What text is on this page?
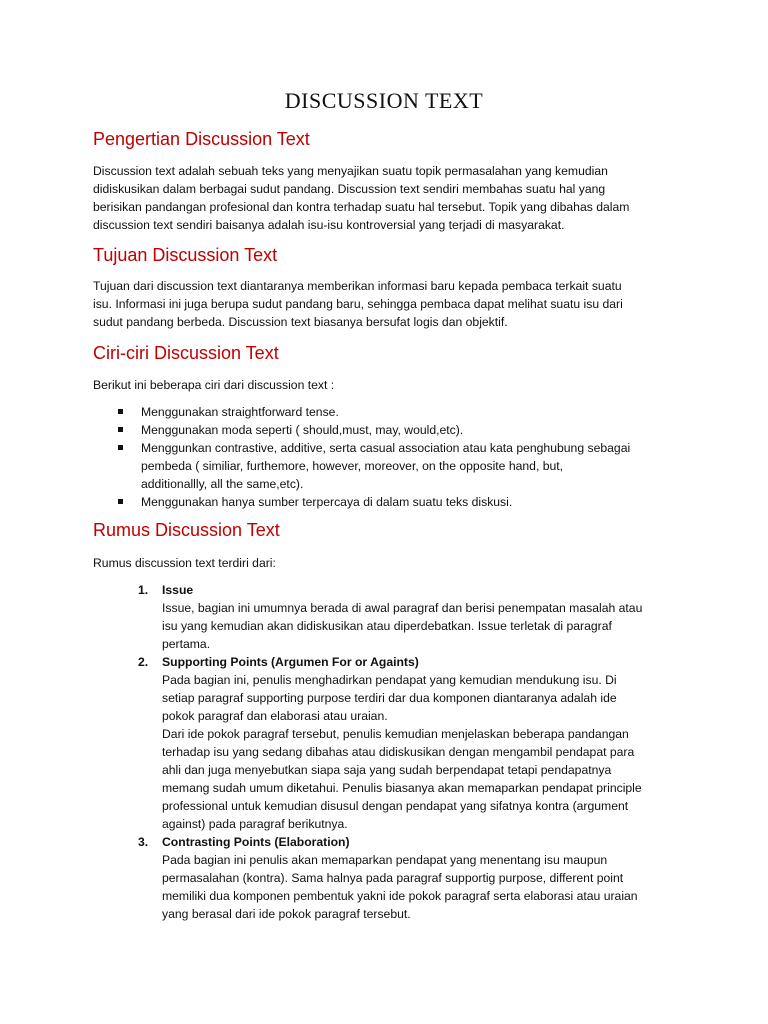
DISCUSSION TEXT
Pengertian Discussion Text
Discussion text adalah sebuah teks yang menyajikan suatu topik permasalahan yang kemudian
didiskusikan dalam berbagai sudut pandang. Discussion text sendiri membahas suatu hal yang
berisikan pandangan profesional dan kontra terhadap suatu hal tersebut. Topik yang dibahas dalam
discussion text sendiri baisanya adalah isu-isu kontroversial yang terjadi di masyarakat.
Tujuan Discussion Text
Tujuan dari discussion text diantaranya memberikan informasi baru kepada pembaca terkait suatu
isu. Informasi ini juga berupa sudut pandang baru, sehingga pembaca dapat melihat suatu isu dari
sudut pandang berbeda. Discussion text biasanya bersufat logis dan objektif.
Ciri-ciri Discussion Text
Berikut ini beberapa ciri dari discussion text :
Menggunakan straightforward tense.
Menggunakan moda seperti ( should,must, may, would,etc).
Menggunkan contrastive, additive, serta casual association atau kata penghubung sebagai
pembeda ( similiar, furthemore, however, moreover, on the opposite hand, but,
additionallly, all the same,etc).
Menggunakan hanya sumber terpercaya di dalam suatu teks diskusi.
Rumus Discussion Text
Rumus discussion text terdiri dari:
1. Issue
Issue, bagian ini umumnya berada di awal paragraf dan berisi penempatan masalah atau
isu yang kemudian akan didiskusikan atau diperdebatkan. Issue terletak di paragraf
pertama.
2. Supporting Points (Argumen For or Againts)
Pada bagian ini, penulis menghadirkan pendapat yang kemudian mendukung isu. Di
setiap paragraf supporting purpose terdiri dar dua komponen diantaranya adalah ide
pokok paragraf dan elaborasi atau uraian.
Dari ide pokok paragraf tersebut, penulis kemudian menjelaskan beberapa pandangan
terhadap isu yang sedang dibahas atau didiskusikan dengan mengambil pendapat para
ahli dan juga menyebutkan siapa saja yang sudah berpendapat tetapi pendapatnya
memang sudah umum diketahui. Penulis biasanya akan memaparkan pendapat principle
professional untuk kemudian disusul dengan pendapat yang sifatnya kontra (argument
against) pada paragraf berikutnya.
3. Contrasting Points (Elaboration)
Pada bagian ini penulis akan memaparkan pendapat yang menentang isu maupun
permasalahan (kontra). Sama halnya pada paragraf supportig purpose, different point
memiliki dua komponen pembentuk yakni ide pokok paragraf serta elaborasi atau uraian
yang berasal dari ide pokok paragraf tersebut.
